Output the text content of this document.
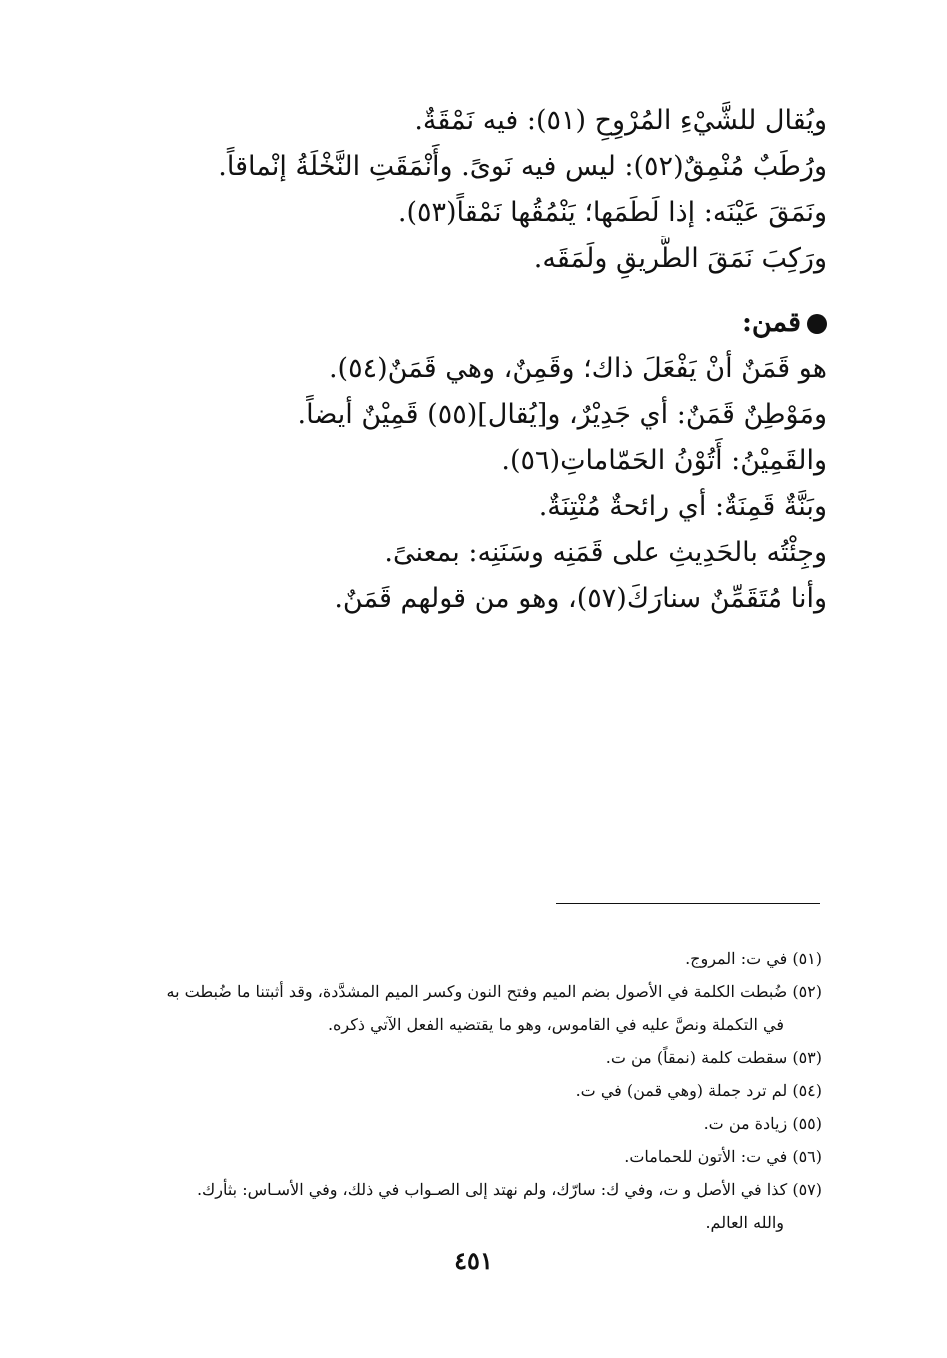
ويُقال للشَّيْءِ المُرْوِحِ (٥١): فيه نَمْقَةٌ.
ورُطَبٌ مُنْمِقٌ(٥٢): ليس فيه نَوىً. وأَنْمَقَتِ النَّخْلَةُ إنْماقاً.
ونَمَقَ عَيْنَه: إذا لَطَمَها؛ يَنْمُقُها نَمْقاً(٥٣).
ورَكِبَ نَمَقَ الطَّريقِ ولَمَقَه.
قمن:
هو قَمَنٌ أنْ يَفْعَلَ ذاك؛ وقَمِنٌ، وهي قَمَنٌ(٥٤).
ومَوْطِنٌ قَمَنٌ: أي جَدِيْرٌ، و[يُقال](٥٥) قَمِيْنٌ أيضاً.
والقَمِيْنُ: أَتُوْنُ الحَمّاماتِ(٥٦).
وبَنَّةٌ قَمِنَةٌ: أي رائحةٌ مُنْتِنَةٌ.
وجِئْتُه بالحَدِيثِ على قَمَنِه وسَنَنِه: بمعنىً.
وأنا مُتَقَمِّنٌ سنارَكَ(٥٧)، وهو من قولهم قَمَنٌ.
(٥١) في ت: المروج.
(٥٢) ضُبطت الكلمة في الأصول بضم الميم وفتح النون وكسر الميم المشدَّدة، وقد أثبتنا ما ضُبطت به
في التكملة ونصَّ عليه في القاموس، وهو ما يقتضيه الفعل الآتي ذكره.
(٥٣) سقطت كلمة (نمقاً) من ت.
(٥٤) لم ترد جملة (وهي قمن) في ت.
(٥٥) زيادة من ت.
(٥٦) في ت: الأتون للحمامات.
(٥٧) كذا في الأصل و ت، وفي ك: سارّك، ولم نهتد إلى الصـواب في ذلك، وفي الأسـاس: بثأرك.
والله العالم.
٤٥١
